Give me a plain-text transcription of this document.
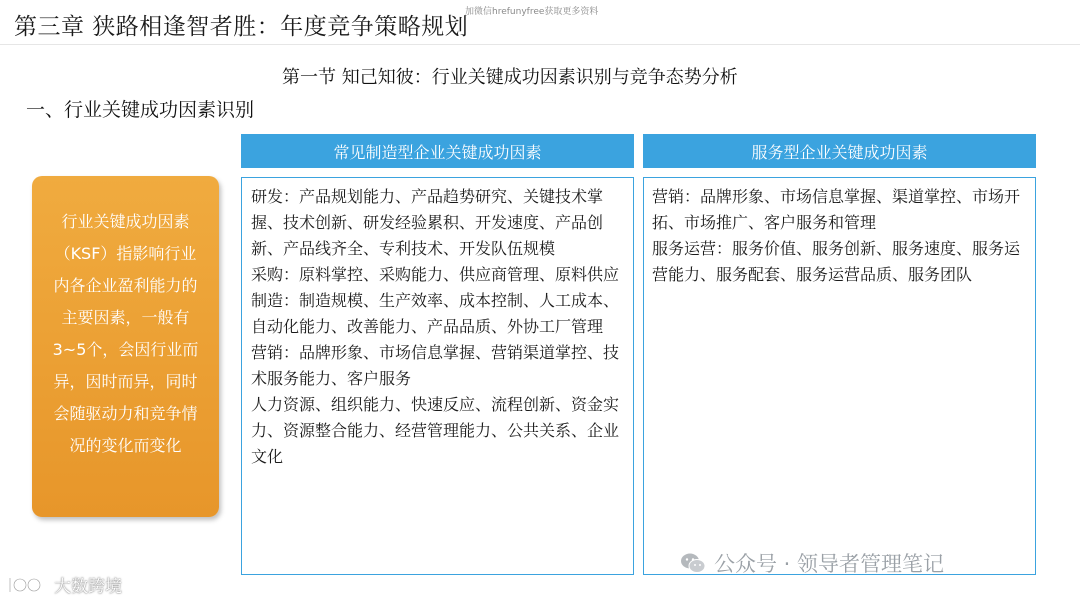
第三章 狭路相逢智者胜：年度竞争策略规划
加微信hrefunyfree获取更多资料
第一节 知己知彼：行业关键成功因素识别与竞争态势分析
一、行业关键成功因素识别
行业关键成功因素（KSF）指影响行业内各企业盈利能力的主要因素，一般有3~5个，会因行业而异，因时而异，同时会随驱动力和竞争情况的变化而变化
常见制造型企业关键成功因素	服务型企业关键成功因素

研发：产品规划能力、产品趋势研究、关键技术掌握、技术创新、研发经验累积、开发速度、产品创新、产品线齐全、专利技术、开发队伍规模

采购：原料掌控、采购能力、供应商管理、原料供应

制造：制造规模、生产效率、成本控制、人工成本、自动化能力、改善能力、产品品质、外协工厂管理

营销：品牌形象、市场信息掌握、营销渠道掌控、技术服务能力、客户服务

人力资源、组织能力、快速反应、流程创新、资金实力、资源整合能力、经营管理能力、公共关系、企业文化

营销：品牌形象、市场信息掌握、渠道掌控、市场开拓、市场推广、客户服务和管理

服务运营：服务价值、服务创新、服务速度、服务运营能力、服务配套、服务运营品质、服务团队

公众号 · 领导者管理笔记
大数跨境
